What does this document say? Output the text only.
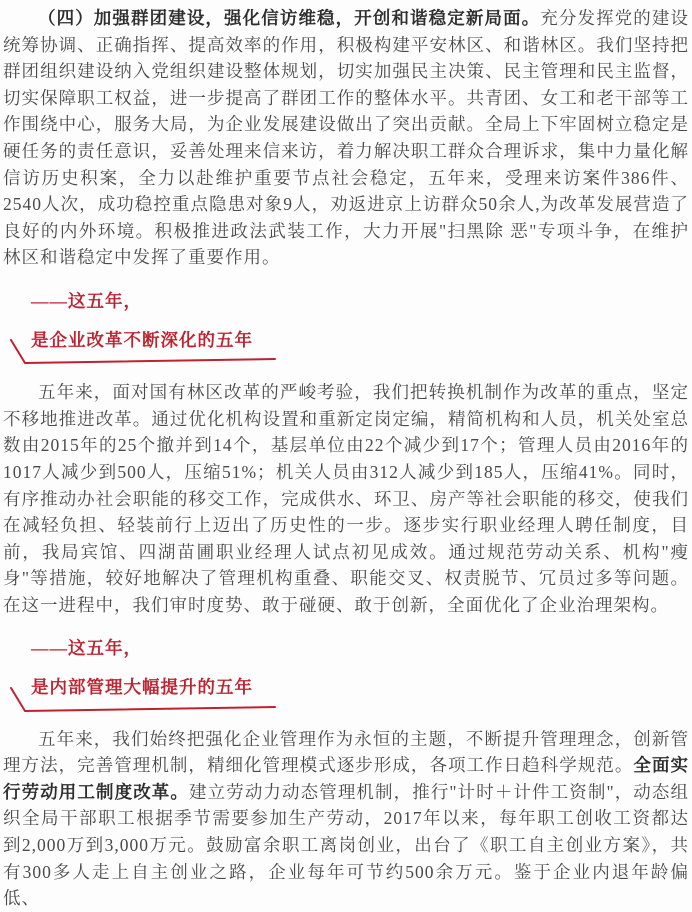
（四）加强群团建设，强化信访维稳，开创和谐稳定新局面。充分发挥党的建设统筹协调、正确指挥、提高效率的作用，积极构建平安林区、和谐林区。我们坚持把群团组织建设纳入党组织建设整体规划，切实加强民主决策、民主管理和民主监督，切实保障职工权益，进一步提高了群团工作的整体水平。共青团、女工和老干部等工作围绕中心，服务大局，为企业发展建设做出了突出贡献。全局上下牢固树立稳定是硬任务的责任意识，妥善处理来信来访，着力解决职工群众合理诉求，集中力量化解信访历史积案，全力以赴维护重要节点社会稳定，五年来，受理来访案件386件、2540人次，成功稳控重点隐患对象9人，劝返进京上访群众50余人,为改革发展营造了良好的内外环境。积极推进政法武装工作，大力开展"扫黑除 恶"专项斗争，在维护林区和谐稳定中发挥了重要作用。

——这五年，

是企业改革不断深化的五年

五年来，面对国有林区改革的严峻考验，我们把转换机制作为改革的重点，坚定不移地推进改革。通过优化机构设置和重新定岗定编，精简机构和人员，机关处室总数由2015年的25个撤并到14个，基层单位由22个减少到17个；管理人员由2016年的1017人减少到500人，压缩51%；机关人员由312人减少到185人，压缩41%。同时，有序推动办社会职能的移交工作，完成供水、环卫、房产等社会职能的移交，使我们在减轻负担、轻装前行上迈出了历史性的一步。逐步实行职业经理人聘任制度，目前，我局宾馆、四湖苗圃职业经理人试点初见成效。通过规范劳动关系、机构"瘦身"等措施，较好地解决了管理机构重叠、职能交叉、权责脱节、冗员过多等问题。在这一进程中，我们审时度势、敢于碰硬、敢于创新，全面优化了企业治理架构。

——这五年，

是内部管理大幅提升的五年

五年来，我们始终把强化企业管理作为永恒的主题，不断提升管理理念，创新管理方法，完善管理机制，精细化管理模式逐步形成，各项工作日趋科学规范。全面实行劳动用工制度改革。建立劳动力动态管理机制，推行"计时＋计件工资制"，动态组织全局干部职工根据季节需要参加生产劳动，2017年以来，每年职工创收工资都达到2,000万到3,000万元。鼓励富余职工离岗创业，出台了《职工自主创业方案》，共有300多人走上自主创业之路，企业每年可节约500余万元。鉴于企业内退年龄偏低、
